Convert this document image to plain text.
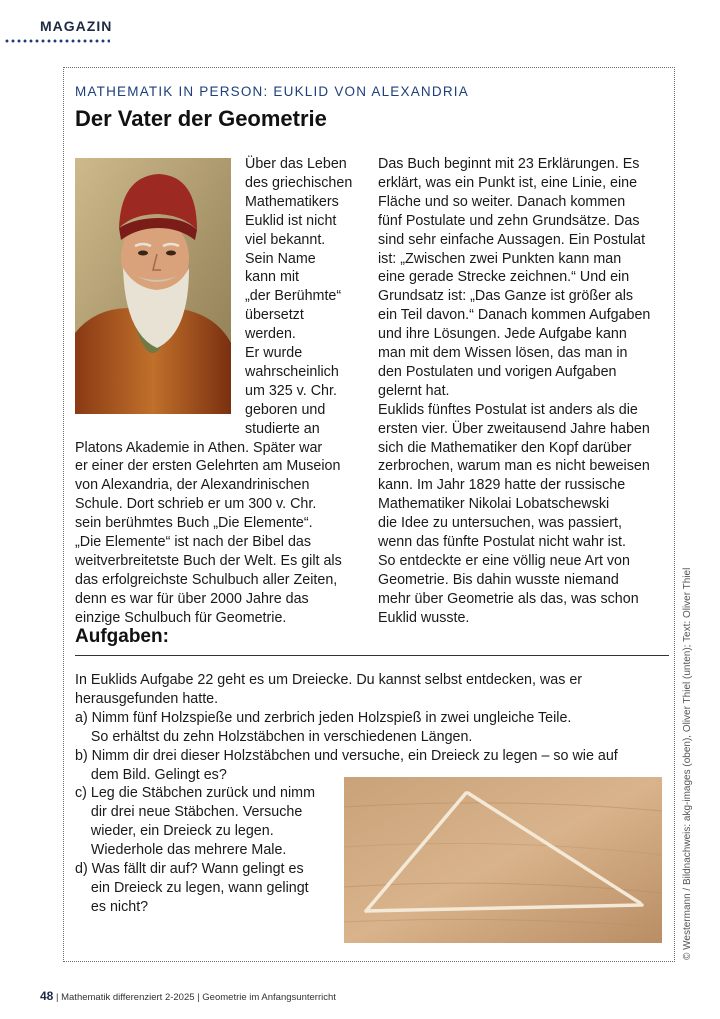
MAGAZIN
MATHEMATIK IN PERSON: EUKLID VON ALEXANDRIA
Der Vater der Geometrie
Über das Leben
des griechischen
Mathematikers
Euklid ist nicht
viel bekannt.
Sein Name
kann mit
„der Berühmte“
übersetzt
werden.
Er wurde
wahrscheinlich
um 325 v. Chr.
geboren und
studierte an
Platons Akademie in Athen. Später war
er einer der ersten Gelehrten am Museion
von Alexandria, der Alexandrinischen
Schule. Dort schrieb er um 300 v. Chr.
sein berühmtes Buch „Die Elemente“.
„Die Elemente“ ist nach der Bibel das
weitverbreitetste Buch der Welt. Es gilt als
das erfolgreichste Schulbuch aller Zeiten,
denn es war für über 2000 Jahre das
einzige Schulbuch für Geometrie.
Das Buch beginnt mit 23 Erklärungen. Es
erklärt, was ein Punkt ist, eine Linie, eine
Fläche und so weiter. Danach kommen
fünf Postulate und zehn Grundsätze. Das
sind sehr einfache Aussagen. Ein Postulat
ist: „Zwischen zwei Punkten kann man
eine gerade Strecke zeichnen.“ Und ein
Grundsatz ist: „Das Ganze ist größer als
ein Teil davon.“ Danach kommen Aufgaben
und ihre Lösungen. Jede Aufgabe kann
man mit dem Wissen lösen, das man in
den Postulaten und vorigen Aufgaben
gelernt hat.
Euklids fünftes Postulat ist anders als die
ersten vier. Über zweitausend Jahre haben
sich die Mathematiker den Kopf darüber
zerbrochen, warum man es nicht beweisen
kann. Im Jahr 1829 hatte der russische
Mathematiker Nikolai Lobatschewski
die Idee zu untersuchen, was passiert,
wenn das fünfte Postulat nicht wahr ist.
So entdeckte er eine völlig neue Art von
Geometrie. Bis dahin wusste niemand
mehr über Geometrie als das, was schon
Euklid wusste.
Aufgaben:
In Euklids Aufgabe 22 geht es um Dreiecke. Du kannst selbst entdecken, was er
herausgefunden hatte.
a) Nimm fünf Holzspieße und zerbrich jeden Holzspieß in zwei ungleiche Teile.
So erhältst du zehn Holzstäbchen in verschiedenen Längen.
b) Nimm dir drei dieser Holzstäbchen und versuche, ein Dreieck zu legen – so wie auf
dem Bild. Gelingt es?
c) Leg die Stäbchen zurück und nimm
dir drei neue Stäbchen. Versuche
wieder, ein Dreieck zu legen.
Wiederhole das mehrere Male.
d) Was fällt dir auf? Wann gelingt es
ein Dreieck zu legen, wann gelingt
es nicht?	© Westermann / Bildnachweis: akg-images (oben), Oliver Thiel (unten); Text: Oliver Thiel
48 | Mathematik differenziert 2-2025 | Geometrie im Anfangsunterricht
